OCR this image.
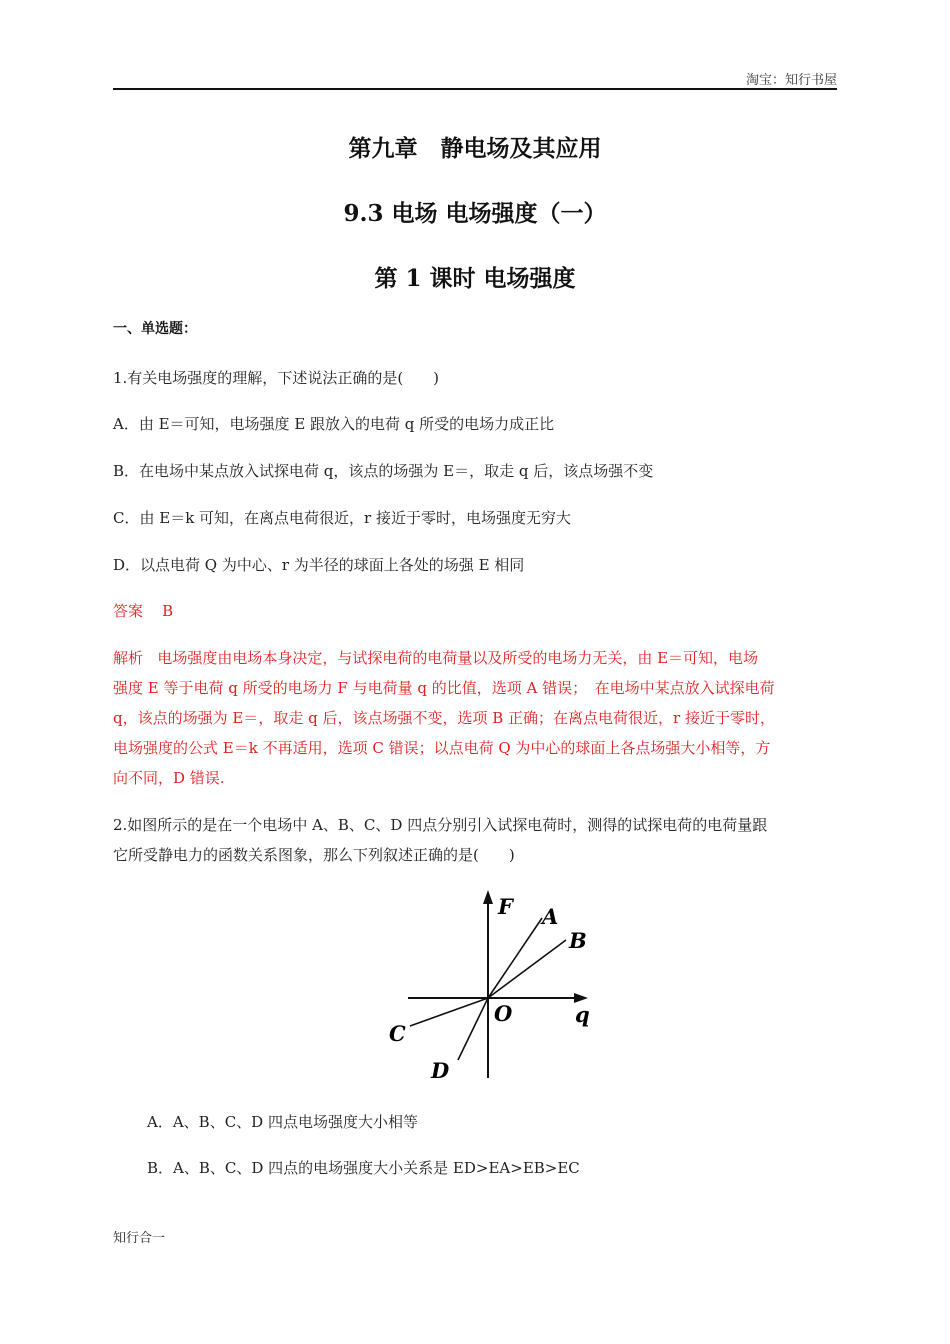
淘宝：知行书屋
第九章　静电场及其应用
9.3 电场 电场强度（一）
第 1 课时 电场强度
一、单选题：
1.有关电场强度的理解，下述说法正确的是(　　)
A．由 E＝可知，电场强度 E 跟放入的电荷 q 所受的电场力成正比
B．在电场中某点放入试探电荷 q，该点的场强为 E＝，取走 q 后，该点场强不变
C．由 E＝k 可知，在离点电荷很近，r 接近于零时，电场强度无穷大
D．以点电荷 Q 为中心、r 为半径的球面上各处的场强 E 相同
答案 B
解析 电场强度由电场本身决定，与试探电荷的电荷量以及所受的电场力无关，由 E＝可知，电场
强度 E 等于电荷 q 所受的电场力 F 与电荷量 q 的比值，选项 A 错误；　在电场中某点放入试探电荷
q，该点的场强为 E＝，取走 q 后，该点场强不变，选项 B 正确；在离点电荷很近，r 接近于零时，
电场强度的公式 E＝k 不再适用，选项 C 错误；以点电荷 Q 为中心的球面上各点场强大小相等，方
向不同，D 错误.
2.如图所示的是在一个电场中 A、B、C、D 四点分别引入试探电荷时，测得的试探电荷的电荷量跟
它所受静电力的函数关系图象，那么下列叙述正确的是(　　)
F
q
O
A
B
C
D
A．A、B、C、D 四点电场强度大小相等
B．A、B、C、D 四点的电场强度大小关系是 ED>EA>EB>EC
知行合一
